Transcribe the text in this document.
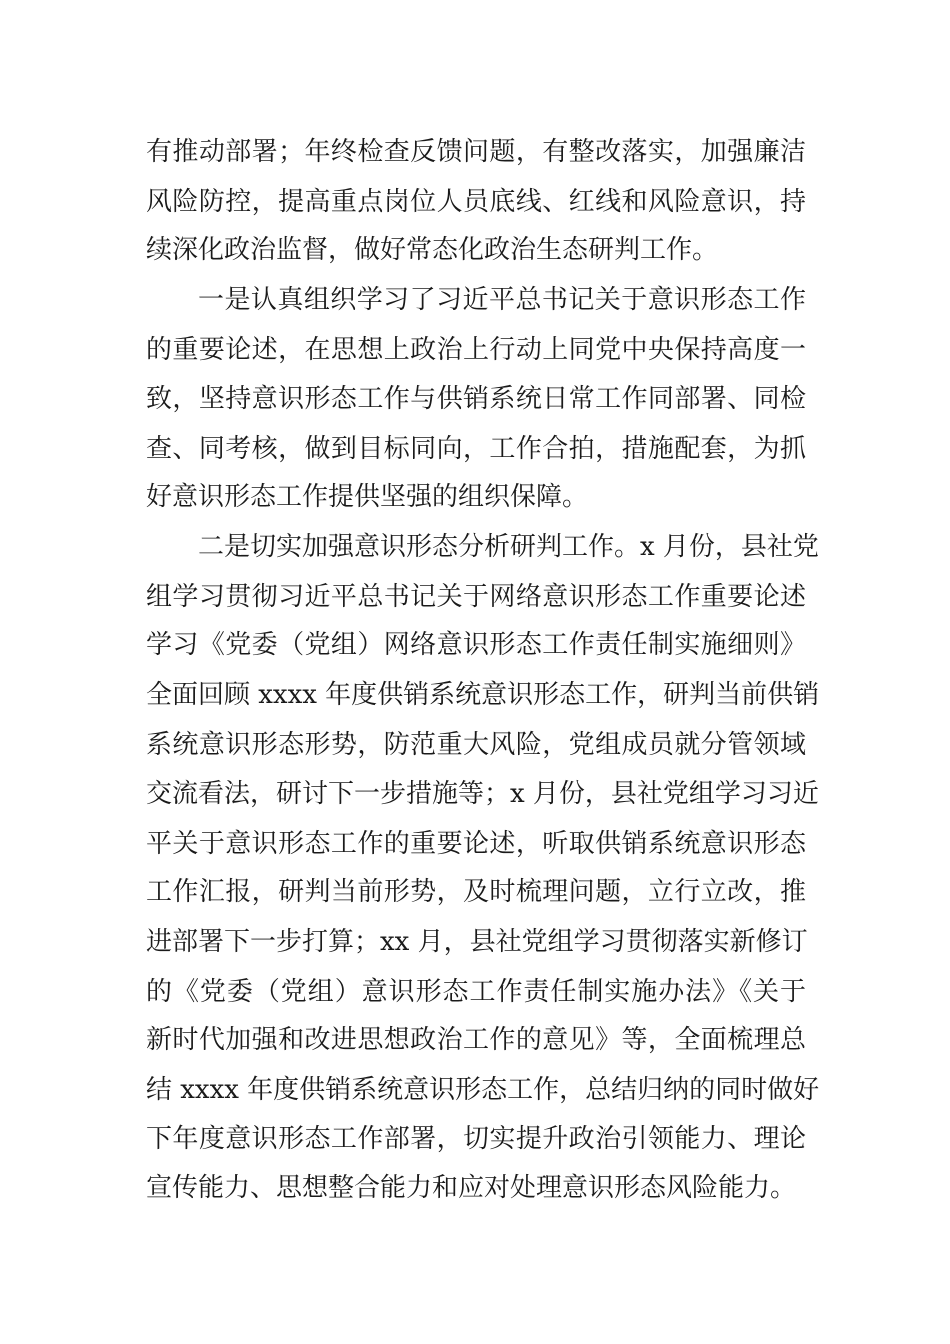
有推动部署；年终检查反馈问题，有整改落实，加强廉洁
风险防控，提高重点岗位人员底线、红线和风险意识，持
续深化政治监督，做好常态化政治生态研判工作。
一是认真组织学习了习近平总书记关于意识形态工作
的重要论述，在思想上政治上行动上同党中央保持高度一
致，坚持意识形态工作与供销系统日常工作同部署、同检
查、同考核，做到目标同向，工作合拍，措施配套，为抓
好意识形态工作提供坚强的组织保障。
二是切实加强意识形态分析研判工作。x 月份，县社党
组学习贯彻习近平总书记关于网络意识形态工作重要论述
学习《党委（党组）网络意识形态工作责任制实施细则》
全面回顾 xxxx 年度供销系统意识形态工作，研判当前供销
系统意识形态形势，防范重大风险，党组成员就分管领域
交流看法，研讨下一步措施等；x 月份，县社党组学习习近
平关于意识形态工作的重要论述，听取供销系统意识形态
工作汇报，研判当前形势，及时梳理问题，立行立改，推
进部署下一步打算；xx 月，县社党组学习贯彻落实新修订
的《党委（党组）意识形态工作责任制实施办法》《关于
新时代加强和改进思想政治工作的意见》等，全面梳理总
结 xxxx 年度供销系统意识形态工作，总结归纳的同时做好
下年度意识形态工作部署，切实提升政治引领能力、理论
宣传能力、思想整合能力和应对处理意识形态风险能力。
